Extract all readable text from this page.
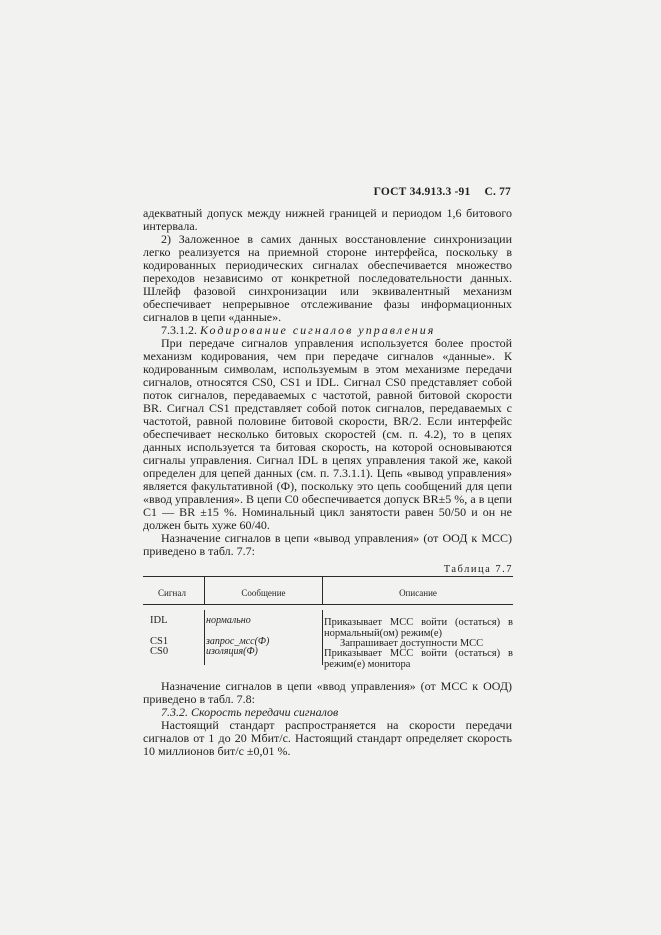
ГОСТ 34.913.3 -91 С. 77

адекватный допуск между нижней границей и периодом 1,6 битового интервала.

2) Заложенное в самих данных восстановление синхронизации легко реализуется на приемной стороне интерфейса, поскольку в кодированных периодических сигналах обеспечивается множество переходов независимо от конкретной последовательности данных. Шлейф фазовой синхронизации или эквивалентный механизм обеспечивает непрерывное отслеживание фазы информационных сигналов в цепи «данные».

7.3.1.2. Кодирование сигналов управления

При передаче сигналов управления используется более простой механизм кодирования, чем при передаче сигналов «данные». К кодированным символам, используемым в этом механизме передачи сигналов, относятся CS0, CS1 и IDL. Сигнал CS0 представляет собой поток сигналов, передаваемых с частотой, равной битовой скорости BR. Сигнал CS1 представляет собой поток сигналов, передаваемых с частотой, равной половине битовой скорости, BR/2. Если интерфейс обеспечивает несколько битовых скоростей (см. п. 4.2), то в цепях данных используется та битовая скорость, на которой основываются сигналы управления. Сигнал IDL в цепях управления такой же, какой определен для цепей данных (см. п. 7.3.1.1). Цепь «вывод управления» является факультативной (Ф), поскольку это цепь сообщений для цепи «ввод управления». В цепи C0 обеспечивается допуск BR±5 %, а в цепи C1 — BR ±15 %. Номинальный цикл занятости равен 50/50 и он не должен быть хуже 60/40.

Назначение сигналов в цепи «вывод управления» (от ООД к МСС) приведено в табл. 7.7:

Таблица 7.7
Сигнал	Сообщение	Описание
IDL	нормально	Приказывает МСС войти (остаться) в нормальный(ом) режим(е)

CS1	запрос_мсс(Ф)	Запрашивает доступности МСС

CS0	изоляция(Ф)	Приказывает МСС войти (остаться) в режим(е) мониторa

Назначение сигналов в цепи «ввод управления» (от МСС к ООД) приведено в табл. 7.8:

7.3.2. Скорость передачи сигналов

Настоящий стандарт распространяется на скорости передачи сигналов от 1 до 20 Мбит/с. Настоящий стандарт определяет скорость 10 миллионов бит/с ±0,01 %.
